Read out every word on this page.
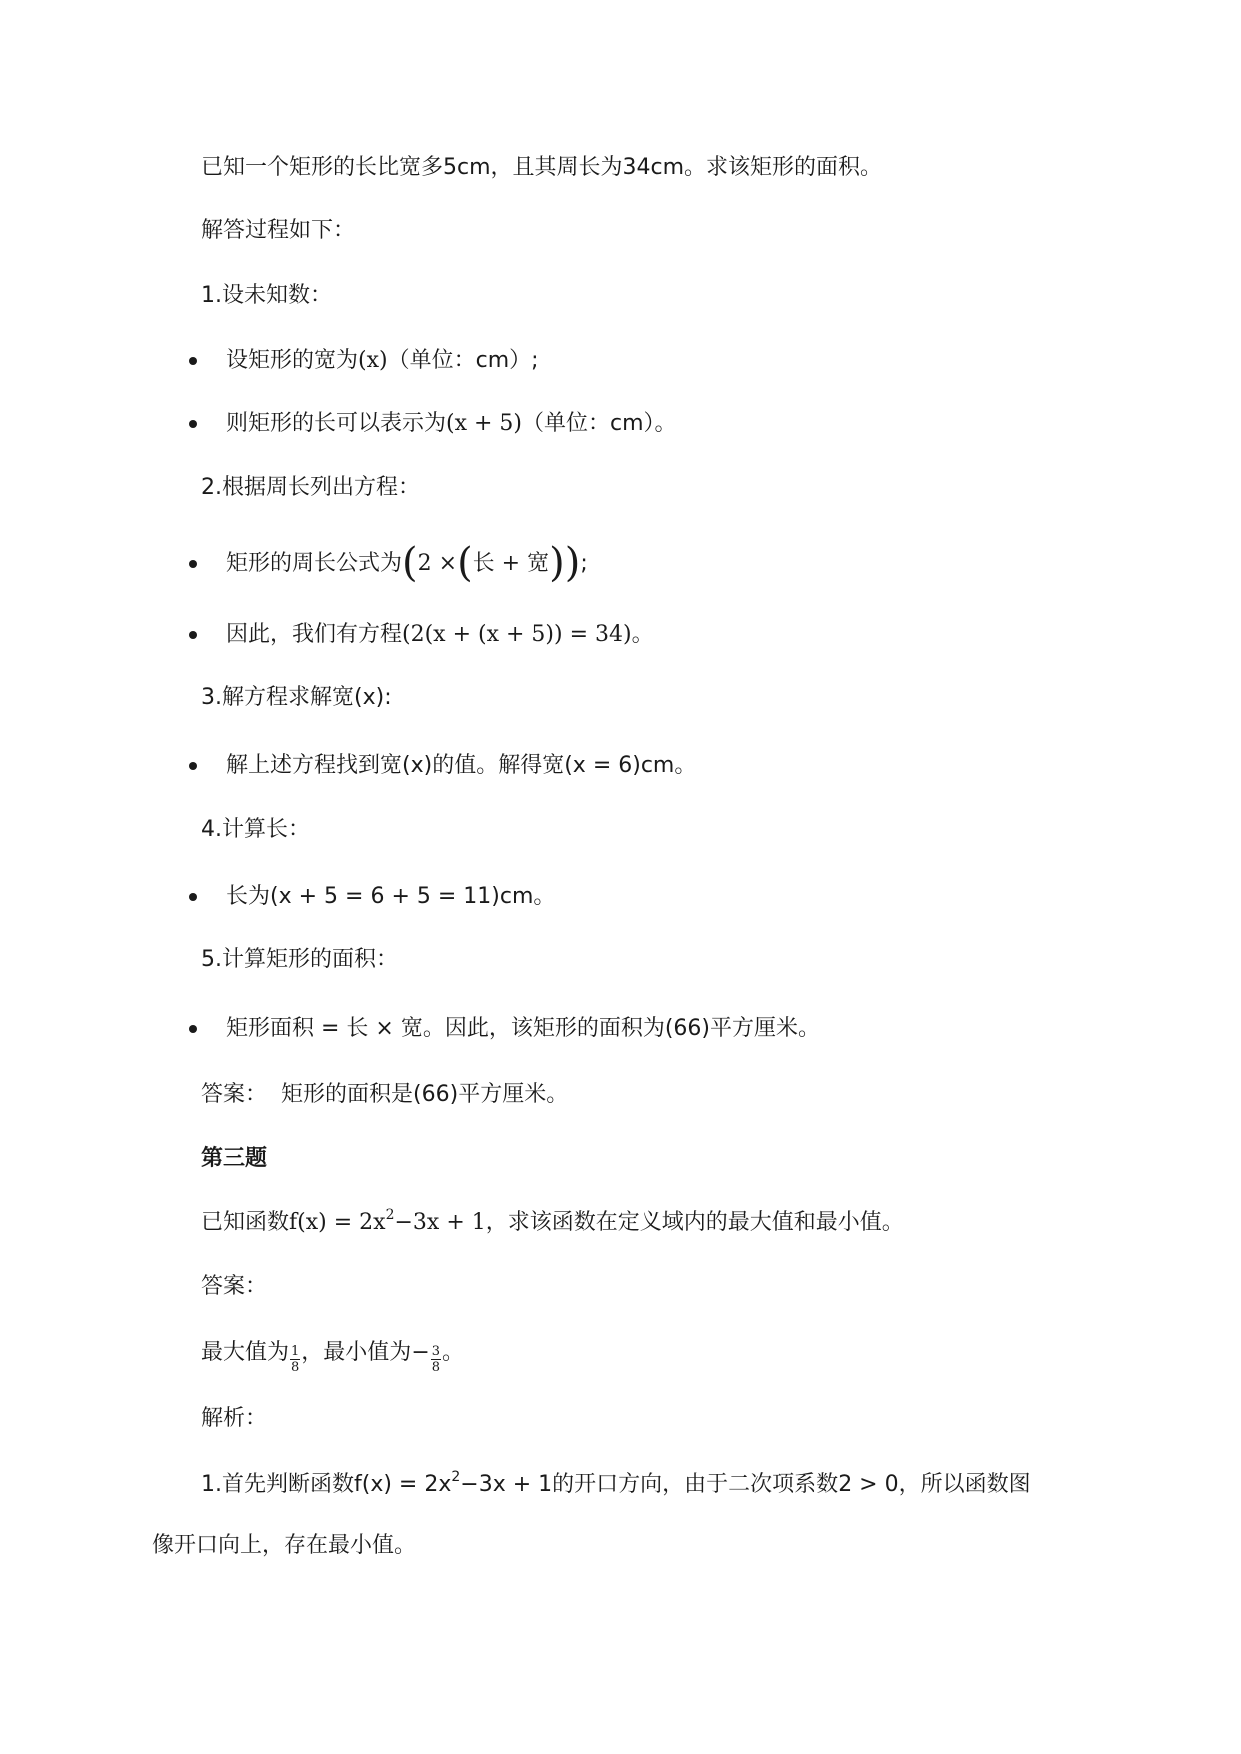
已知一个矩形的长比宽多5cm，且其周长为34cm。求该矩形的面积。
解答过程如下：
1.设未知数：
设矩形的宽为(x)（单位：cm）;
则矩形的长可以表示为(x + 5)（单位：cm）。
2.根据周长列出方程：
矩形的周长公式为(2 ×(长 + 宽));
因此，我们有方程(2(x + (x + 5)) = 34)。
3.解方程求解宽(x):
解上述方程找到宽(x)的值。解得宽(x = 6)cm。
4.计算长：
长为(x + 5 = 6 + 5 = 11)cm。
5.计算矩形的面积：
矩形面积 = 长 × 宽。因此，该矩形的面积为(66)平方厘米。
答案： 矩形的面积是(66)平方厘米。
第三题
已知函数$f(x) = 2x^2-3x + 1$，求该函数在定义域内的最大值和最小值。
答案：
最大值为 $\frac{1}{8}$ ，最小值为− $\frac{3}{8}$ 。
解析：
1.首先判断函数$f(x) = 2x^2-3x + 1$的开口方向，由于二次项系数2 > 0，所以函数图
像开口向上，存在最小值。
